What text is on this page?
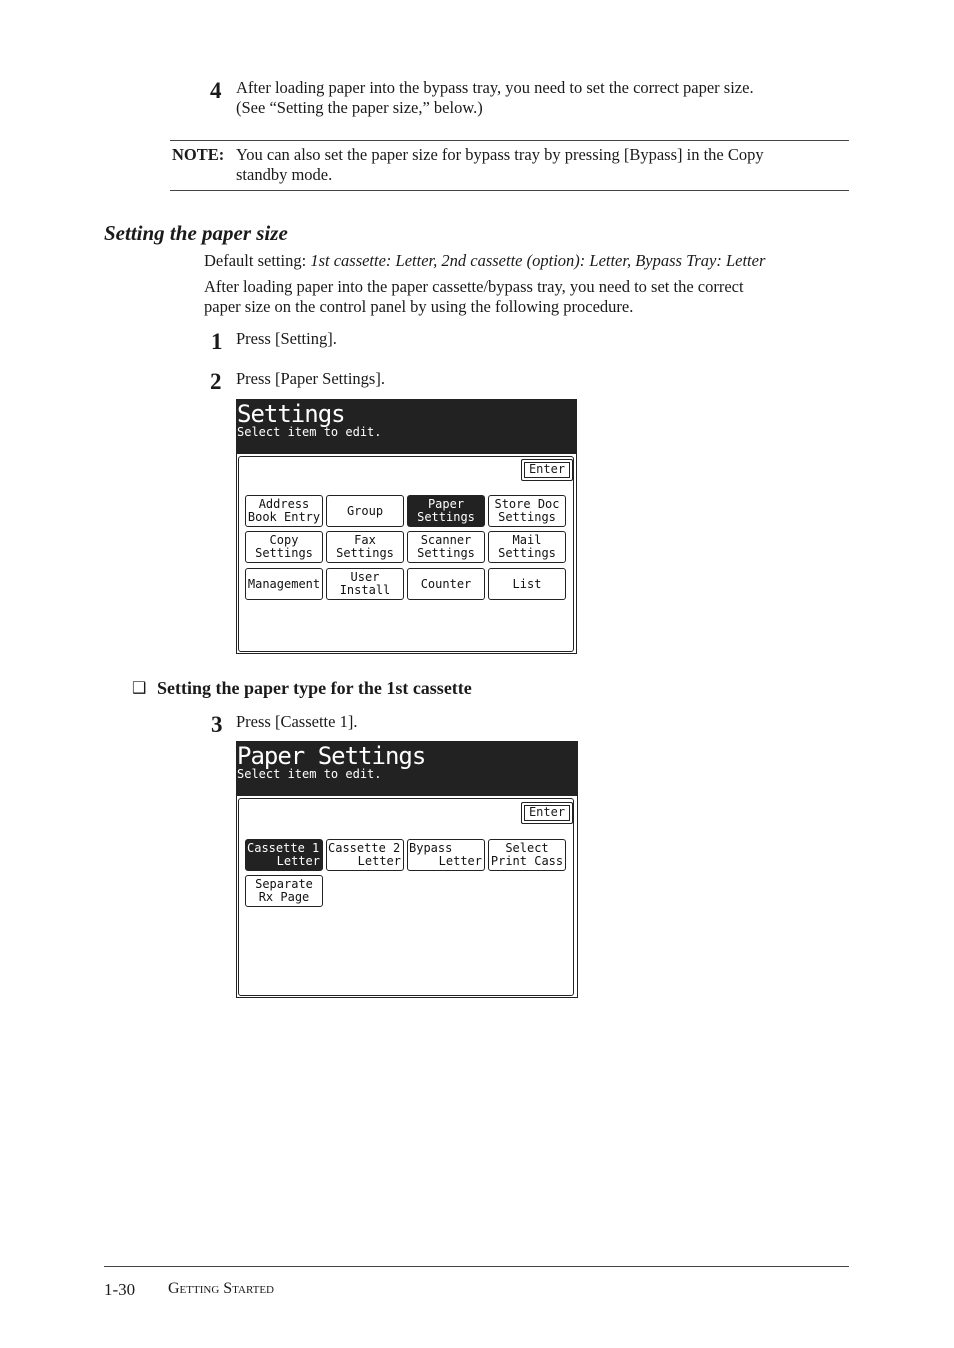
4 After loading paper into the bypass tray, you need to set the correct paper size.
(See “Setting the paper size,” below.)
NOTE: You can also set the paper size for bypass tray by pressing [Bypass] in the Copy
standby mode.
Setting the paper size
Default setting: 1st cassette: Letter, 2nd cassette (option): Letter, Bypass Tray: Letter
After loading paper into the paper cassette/bypass tray, you need to set the correct
paper size on the control panel by using the following procedure.
1 Press [Setting].
2 Press [Paper Settings].
Settings
Select item to edit.
Enter
Address
Book Entry	Group	Paper
Settings
Store Doc
Settings
Copy
Settings
Fax
Settings
Scanner
Settings
Mail
Settings
Management	User
Install	Counter	List
❑ Setting the paper type for the 1st cassette
3 Press [Cassette 1].
Paper Settings
Select item to edit.
Enter
Cassette 1
Letter
Cassette 2
Letter
Bypass
Letter
Select
Print Cass
Separate
Rx Page
1-30 Getting Started
